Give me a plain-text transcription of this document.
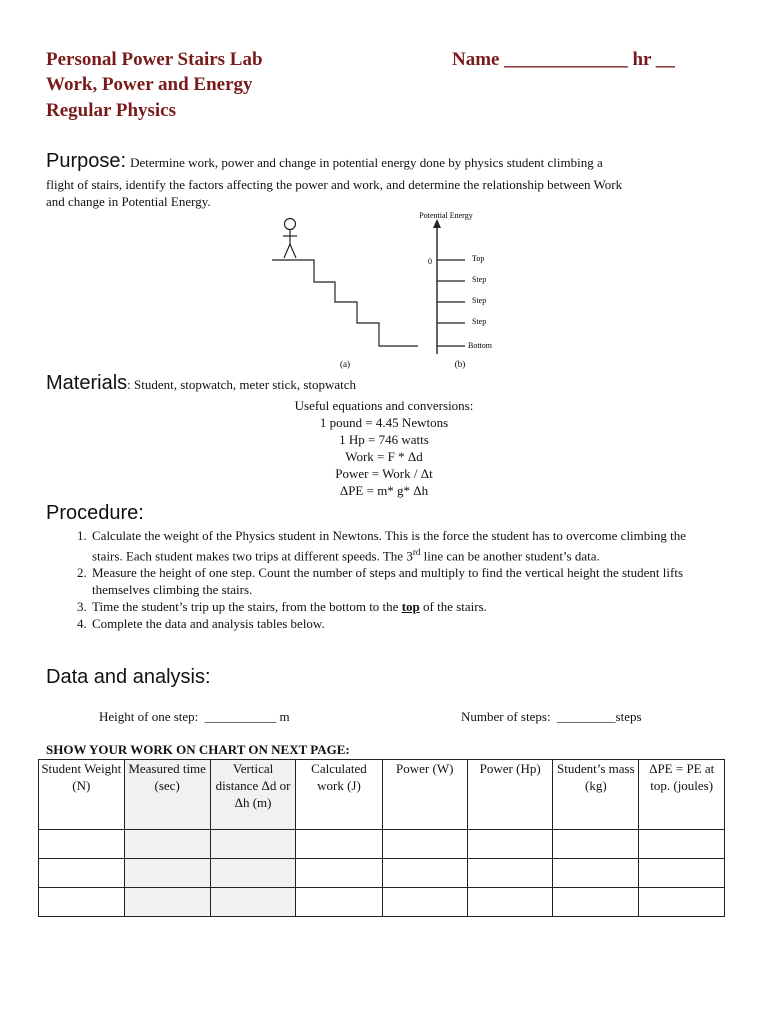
Personal Power Stairs Lab
Work, Power and Energy
Regular Physics
Name _____________ hr __
Purpose: Determine work, power and change in potential energy done by physics student climbing a
flight of stairs, identify the factors affecting the power and work, and determine the relationship between Work
and change in Potential Energy.
Potential Energy
0	Top
Step
Step
Step
Bottom
(a)	(b)
Materials: Student, stopwatch, meter stick, stopwatch
Useful equations and conversions:
1 pound = 4.45 Newtons
1 Hp = 746 watts
Work = F * Δd
Power = Work / Δt
ΔPE = m* g* Δh
Procedure:
1. Calculate the weight of the Physics student in Newtons. This is the force the student has to overcome climbing the stairs. Each student makes two trips at different speeds. The 3rd line can be another student’s data.
2. Measure the height of one step. Count the number of steps and multiply to find the vertical height the student lifts themselves climbing the stairs.
3. Time the student’s trip up the stairs, from the bottom to the top of the stairs.
4. Complete the data and analysis tables below.
Data and analysis:
Height of one step: ___________ m	Number of steps: _________steps
SHOW YOUR WORK ON CHART ON NEXT PAGE:
Student Weight (N)	Measured time (sec)	Vertical distance Δd or Δh (m)	Calculated work (J)	Power (W)	Power (Hp)	Student’s mass (kg)	ΔPE = PE at top. (joules)
